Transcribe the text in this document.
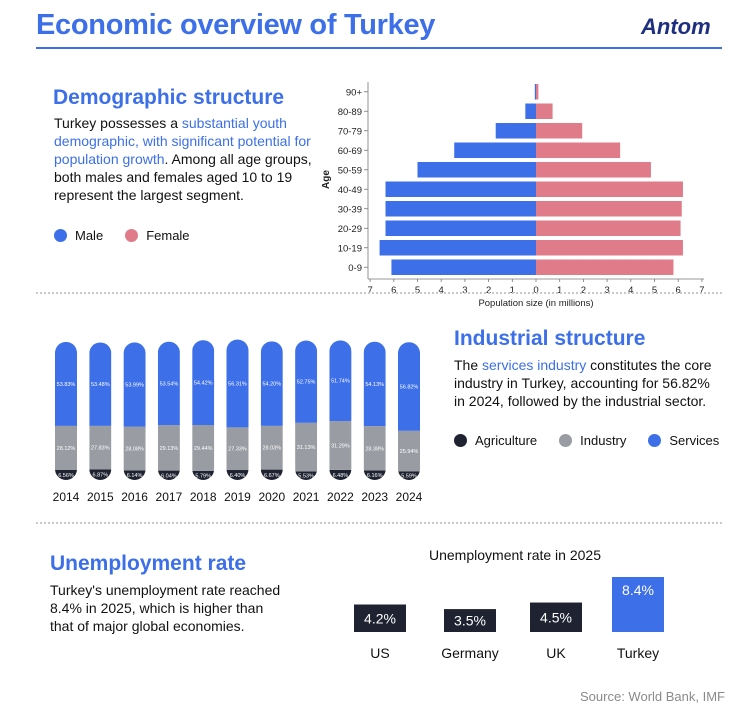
Economic overview of Turkey	Antom
Demographic structure
Turkey possesses a substantial youth demographic, with significant potential for population growth. Among all age groups, both males and females aged 10 to 19 represent the largest segment.
Male	Female
90+
80-89
70-79
60-69
50-59
40-49
30-39
20-29
10-19
0-9
7 6 5 4 3 2 1 0 1 2 3 4 5 6 7
Population size (in millions)
Age
6.56%
28.12%
53.83%
2014
6.87%
27.83%
53.48%
2015
6.14%
28.08%
53.99%
2016
6.04%
29.13%
53.54%
2017
5.79%
29.44%
54.42%
2018
6.40%
27.33%
56.31%
2019
6.67%
28.03%
54.20%
2020
5.53%
31.13%
52.75%
2021
6.48%
31.29%
51.74%
2022
6.16%
28.38%
54.13%
2023
5.59%
25.94%
56.82%
2024
Industrial structure
The services industry constitutes the core industry in Turkey, accounting for 56.82% in 2024, followed by the industrial sector.
Agriculture	Industry	Services
Unemployment rate
Turkey's unemployment rate reached 8.4% in 2025, which is higher than that of major global economies.
Unemployment rate in 2025
4.2%
US
3.5%
Germany
4.5%
UK
8.4%
Turkey
Source: World Bank, IMF
